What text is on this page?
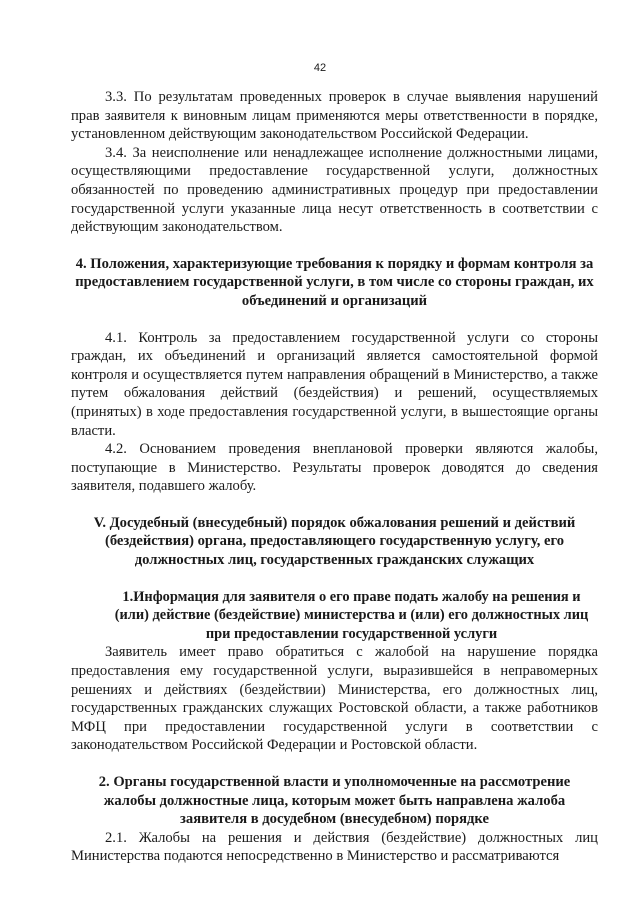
42

3.3. По результатам проведенных проверок в случае выявления нарушений прав заявителя к виновным лицам применяются меры ответственности в порядке, установленном действующим законодательством Российской Федерации.

3.4. За неисполнение или ненадлежащее исполнение должностными лицами, осуществляющими предоставление государственной услуги, должностных обязанностей по проведению административных процедур при предоставлении государственной услуги указанные лица несут ответственность в соответствии с действующим законодательством.

4. Положения, характеризующие требования к порядку и формам контроля за предоставлением государственной услуги, в том числе со стороны граждан, их объединений и организаций

4.1. Контроль за предоставлением государственной услуги со стороны граждан, их объединений и организаций является самостоятельной формой контроля и осуществляется путем направления обращений в Министерство, а также путем обжалования действий (бездействия) и решений, осуществляемых (принятых) в ходе предоставления государственной услуги, в вышестоящие органы власти.

4.2. Основанием проведения внеплановой проверки являются жалобы, поступающие в Министерство. Результаты проверок доводятся до сведения заявителя, подавшего жалобу.

V. Досудебный (внесудебный) порядок обжалования решений и действий (бездействия) органа, предоставляющего государственную услугу, его должностных лиц, государственных гражданских служащих

1.Информация для заявителя о его праве подать жалобу на решения и (или) действие (бездействие) министерства и (или) его должностных лиц при предоставлении государственной услуги

Заявитель имеет право обратиться с жалобой на нарушение порядка предоставления ему государственной услуги, выразившейся в неправомерных решениях и действиях (бездействии) Министерства, его должностных лиц, государственных гражданских служащих Ростовской области, а также работников МФЦ при предоставлении государственной услуги в соответствии с законодательством Российской Федерации и Ростовской области.

2. Органы государственной власти и уполномоченные на рассмотрение жалобы должностные лица, которым может быть направлена жалоба заявителя в досудебном (внесудебном) порядке

2.1. Жалобы на решения и действия (бездействие) должностных лиц Министерства подаются непосредственно в Министерство и рассматриваются
